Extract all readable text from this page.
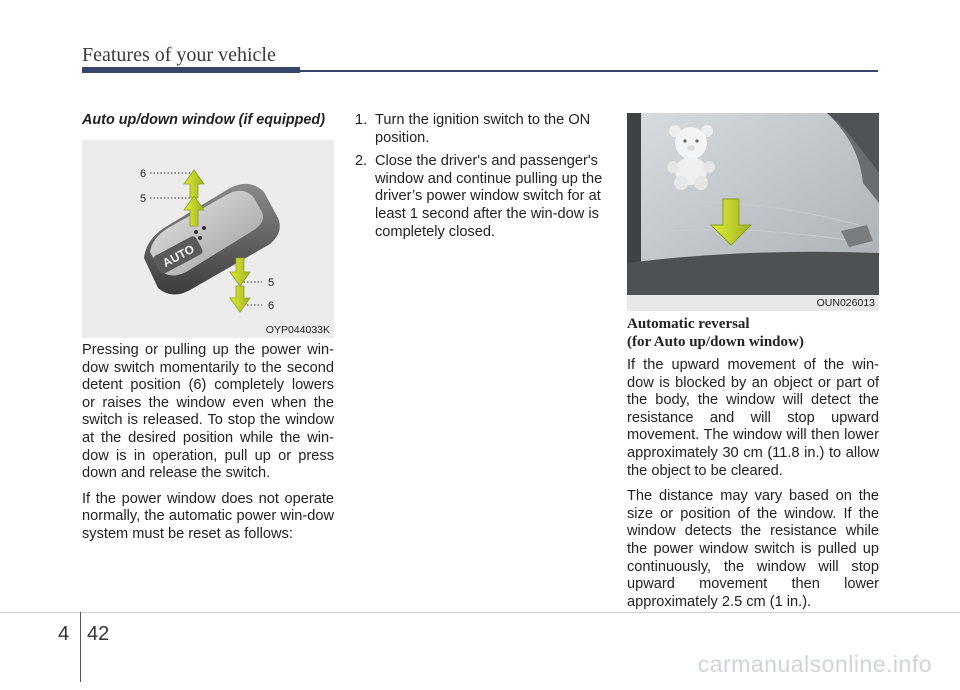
Features of your vehicle
Auto up/down window (if equipped)
AUTO
6
5
5
6
OYP044033K

Pressing or pulling up the power win-dow switch momentarily to the second detent position (6) completely lowers or raises the window even when the switch is released. To stop the window at the desired position while the win-dow is in operation, pull up or press down and release the switch.

If the power window does not operate normally, the automatic power win-dow system must be reset as follows:

1. Turn the ignition switch to the ON position.
2. Close the driver's and passenger's window and continue pulling up the driver’s power window switch for at least 1 second after the win-dow is completely closed.
OUN026013
Automatic reversal
(for Auto up/down window)

If the upward movement of the win-dow is blocked by an object or part of the body, the window will detect the resistance and will stop upward movement. The window will then lower approximately 30 cm (11.8 in.) to allow the object to be cleared.

The distance may vary based on the size or position of the window. If the window detects the resistance while the power window switch is pulled up continuously, the window will stop upward movement then lower approximately 2.5 cm (1 in.).

4 42
carmanualsonline.info
